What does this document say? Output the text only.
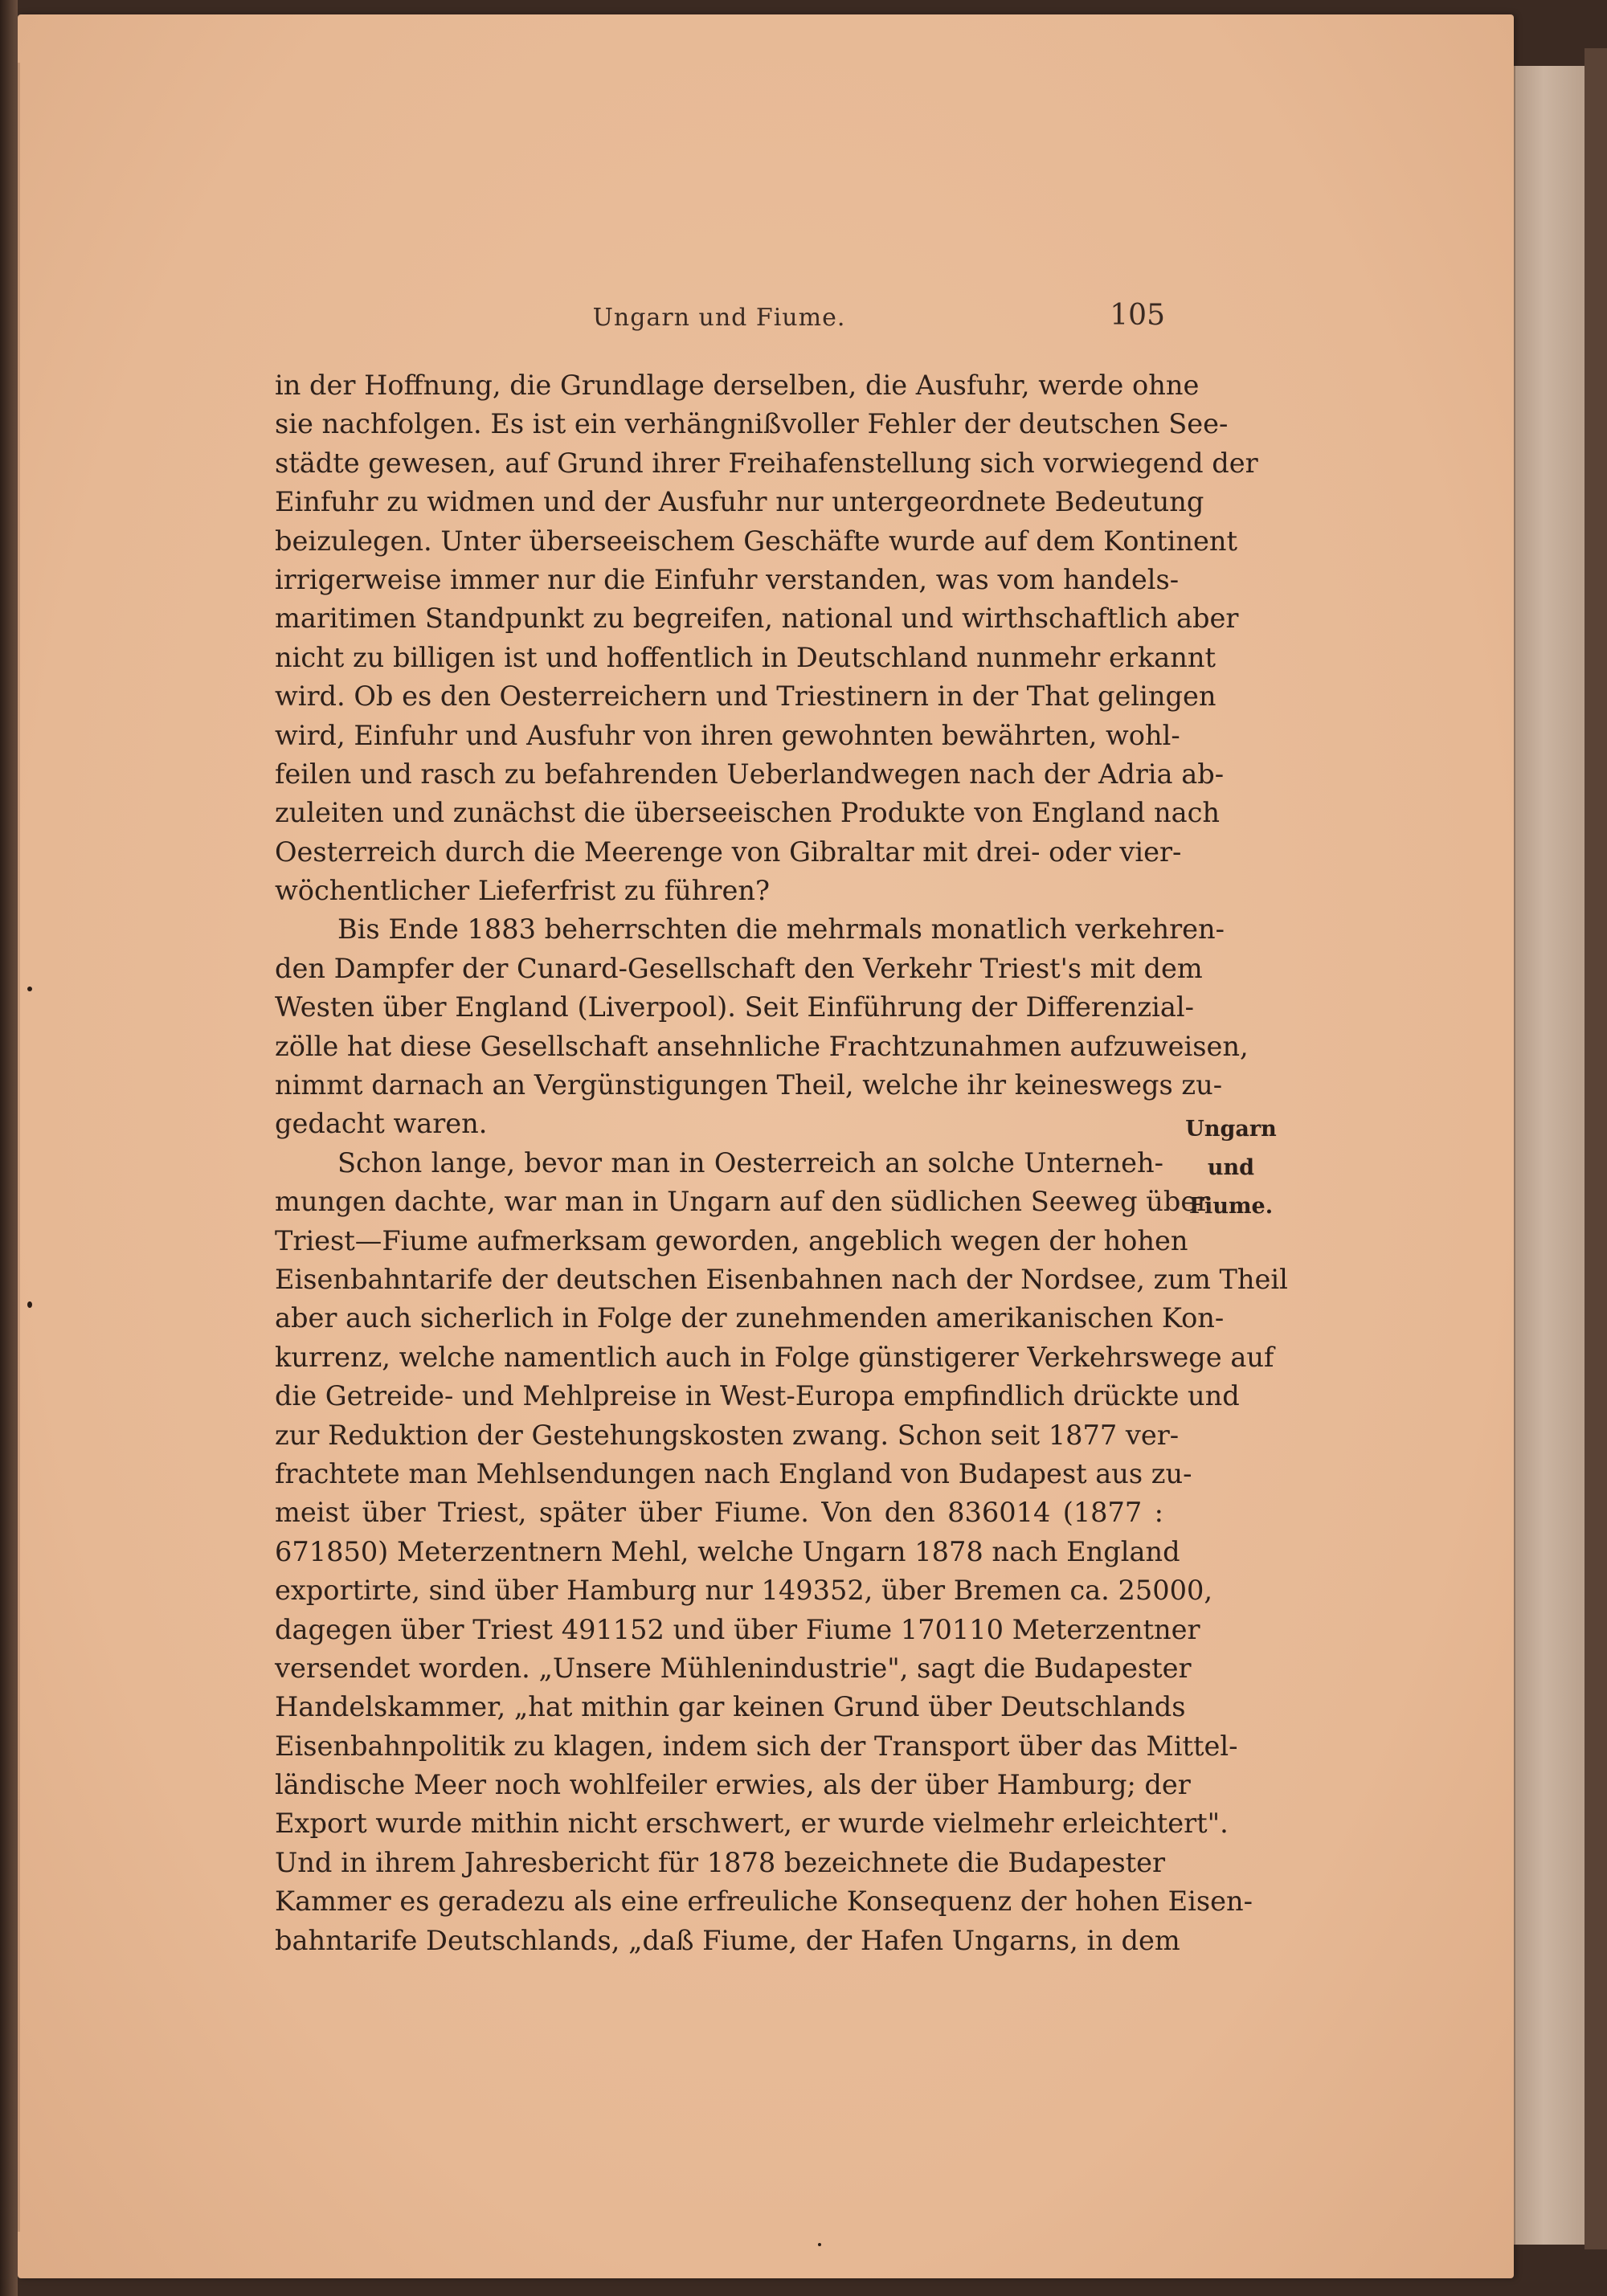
Ungarn und Fiume.	105
in der Hoffnung, die Grundlage derselben, die Ausfuhr, werde ohne
sie nachfolgen. Es ist ein verhängnißvoller Fehler der deutschen See-
städte gewesen, auf Grund ihrer Freihafenstellung sich vorwiegend der
Einfuhr zu widmen und der Ausfuhr nur untergeordnete Bedeutung
beizulegen. Unter überseeischem Geschäfte wurde auf dem Kontinent
irrigerweise immer nur die Einfuhr verstanden, was vom handels-
maritimen Standpunkt zu begreifen, national und wirthschaftlich aber
nicht zu billigen ist und hoffentlich in Deutschland nunmehr erkannt
wird. Ob es den Oesterreichern und Triestinern in der That gelingen
wird, Einfuhr und Ausfuhr von ihren gewohnten bewährten, wohl-
feilen und rasch zu befahrenden Ueberlandwegen nach der Adria ab-
zuleiten und zunächst die überseeischen Produkte von England nach
Oesterreich durch die Meerenge von Gibraltar mit drei- oder vier-
wöchentlicher Lieferfrist zu führen?
Bis Ende 1883 beherrschten die mehrmals monatlich verkehren-
den Dampfer der Cunard-Gesellschaft den Verkehr Triest's mit dem
Westen über England (Liverpool). Seit Einführung der Differenzial-
zölle hat diese Gesellschaft ansehnliche Frachtzunahmen aufzuweisen,
nimmt darnach an Vergünstigungen Theil, welche ihr keineswegs zu-
gedacht waren.
Schon lange, bevor man in Oesterreich an solche Unterneh-
mungen dachte, war man in Ungarn auf den südlichen Seeweg über
Triest—Fiume aufmerksam geworden, angeblich wegen der hohen
Eisenbahntarife der deutschen Eisenbahnen nach der Nordsee, zum Theil
aber auch sicherlich in Folge der zunehmenden amerikanischen Kon-
kurrenz, welche namentlich auch in Folge günstigerer Verkehrswege auf
die Getreide- und Mehlpreise in West-Europa empfindlich drückte und
zur Reduktion der Gestehungskosten zwang. Schon seit 1877 ver-
frachtete man Mehlsendungen nach England von Budapest aus zu-
meist über Triest, später über Fiume. Von den 836014 (1877 :
671850) Meterzentnern Mehl, welche Ungarn 1878 nach England
exportirte, sind über Hamburg nur 149352, über Bremen ca. 25000,
dagegen über Triest 491152 und über Fiume 170110 Meterzentner
versendet worden. „Unsere Mühlenindustrie", sagt die Budapester
Handelskammer, „hat mithin gar keinen Grund über Deutschlands
Eisenbahnpolitik zu klagen, indem sich der Transport über das Mittel-
ländische Meer noch wohlfeiler erwies, als der über Hamburg; der
Export wurde mithin nicht erschwert, er wurde vielmehr erleichtert".
Und in ihrem Jahresbericht für 1878 bezeichnete die Budapester
Kammer es geradezu als eine erfreuliche Konsequenz der hohen Eisen-
bahntarife Deutschlands, „daß Fiume, der Hafen Ungarns, in dem
Ungarn und
Fiume.
